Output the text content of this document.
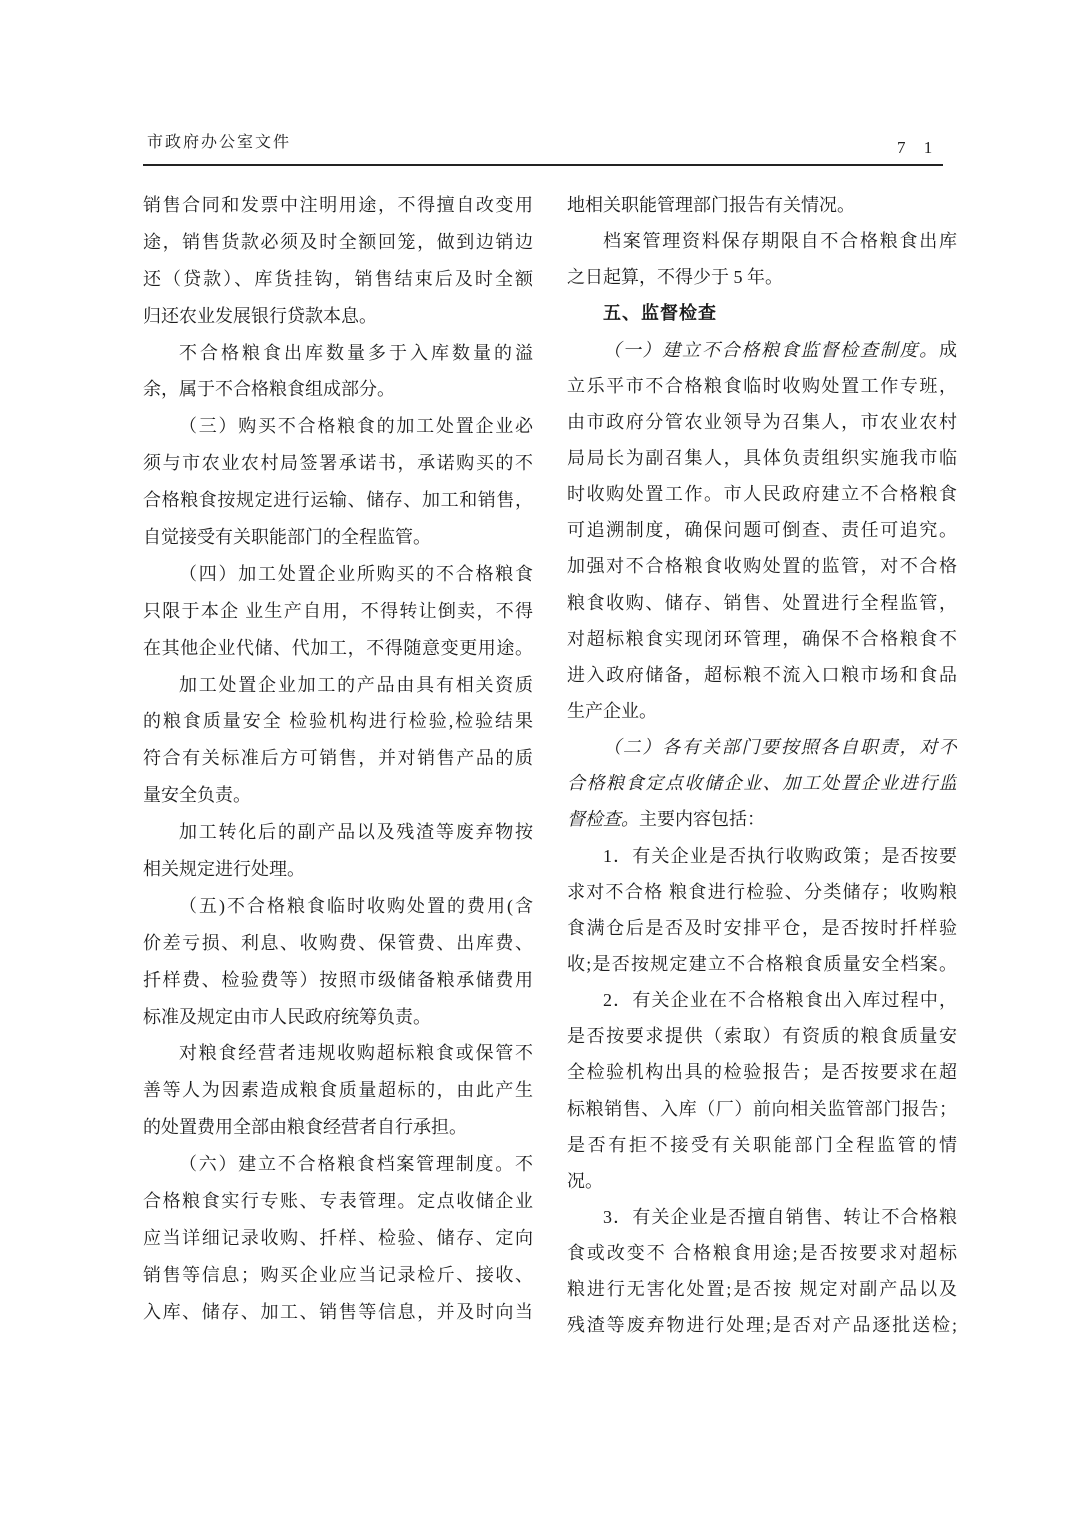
市政府办公室文件	7 1
销售合同和发票中注明用途，不得擅自改变用
途，销售货款必须及时全额回笼，做到边销边
还（贷款）、库货挂钩，销售结束后及时全额
归还农业发展银行贷款本息。
不合格粮食出库数量多于入库数量的溢
余，属于不合格粮食组成部分。
（三）购买不合格粮食的加工处置企业必
须与市农业农村局签署承诺书，承诺购买的不
合格粮食按规定进行运输、储存、加工和销售，
自觉接受有关职能部门的全程监管。
（四）加工处置企业所购买的不合格粮食
只限于本企 业生产自用，不得转让倒卖，不得
在其他企业代储、代加工，不得随意变更用途。
加工处置企业加工的产品由具有相关资质
的粮食质量安全 检验机构进行检验,检验结果
符合有关标准后方可销售，并对销售产品的质
量安全负责。
加工转化后的副产品以及残渣等废弃物按
相关规定进行处理。
（五)不合格粮食临时收购处置的费用(含
价差亏损、利息、收购费、保管费、出库费、
扦样费、检验费等）按照市级储备粮承储费用
标准及规定由市人民政府统筹负责。
对粮食经营者违规收购超标粮食或保管不
善等人为因素造成粮食质量超标的，由此产生
的处置费用全部由粮食经营者自行承担。
（六）建立不合格粮食档案管理制度。不
合格粮食实行专账、专表管理。定点收储企业
应当详细记录收购、扦样、检验、储存、定向
销售等信息；购买企业应当记录检斤、接收、
入库、储存、加工、销售等信息，并及时向当
地相关职能管理部门报告有关情况。
档案管理资料保存期限自不合格粮食出库
之日起算，不得少于 5 年。
五、监督检查
（一）建立不合格粮食监督检查制度。成
立乐平市不合格粮食临时收购处置工作专班，
由市政府分管农业领导为召集人，市农业农村
局局长为副召集人，具体负责组织实施我市临
时收购处置工作。市人民政府建立不合格粮食
可追溯制度，确保问题可倒查、责任可追究。
加强对不合格粮食收购处置的监管，对不合格
粮食收购、储存、销售、处置进行全程监管，
对超标粮食实现闭环管理，确保不合格粮食不
进入政府储备，超标粮不流入口粮市场和食品
生产企业。
（二）各有关部门要按照各自职责，对不
合格粮食定点收储企业、加工处置企业进行监
督检查。主要内容包括：
1．有关企业是否执行收购政策；是否按要
求对不合格 粮食进行检验、分类储存；收购粮
食满仓后是否及时安排平仓，是否按时扦样验
收;是否按规定建立不合格粮食质量安全档案。
2．有关企业在不合格粮食出入库过程中，
是否按要求提供（索取）有资质的粮食质量安
全检验机构出具的检验报告；是否按要求在超
标粮销售、入库（厂）前向相关监管部门报告；
是否有拒不接受有关职能部门全程监管的情
况。
3．有关企业是否擅自销售、转让不合格粮
食或改变不 合格粮食用途;是否按要求对超标
粮进行无害化处置;是否按 规定对副产品以及
残渣等废弃物进行处理;是否对产品逐批送检;
